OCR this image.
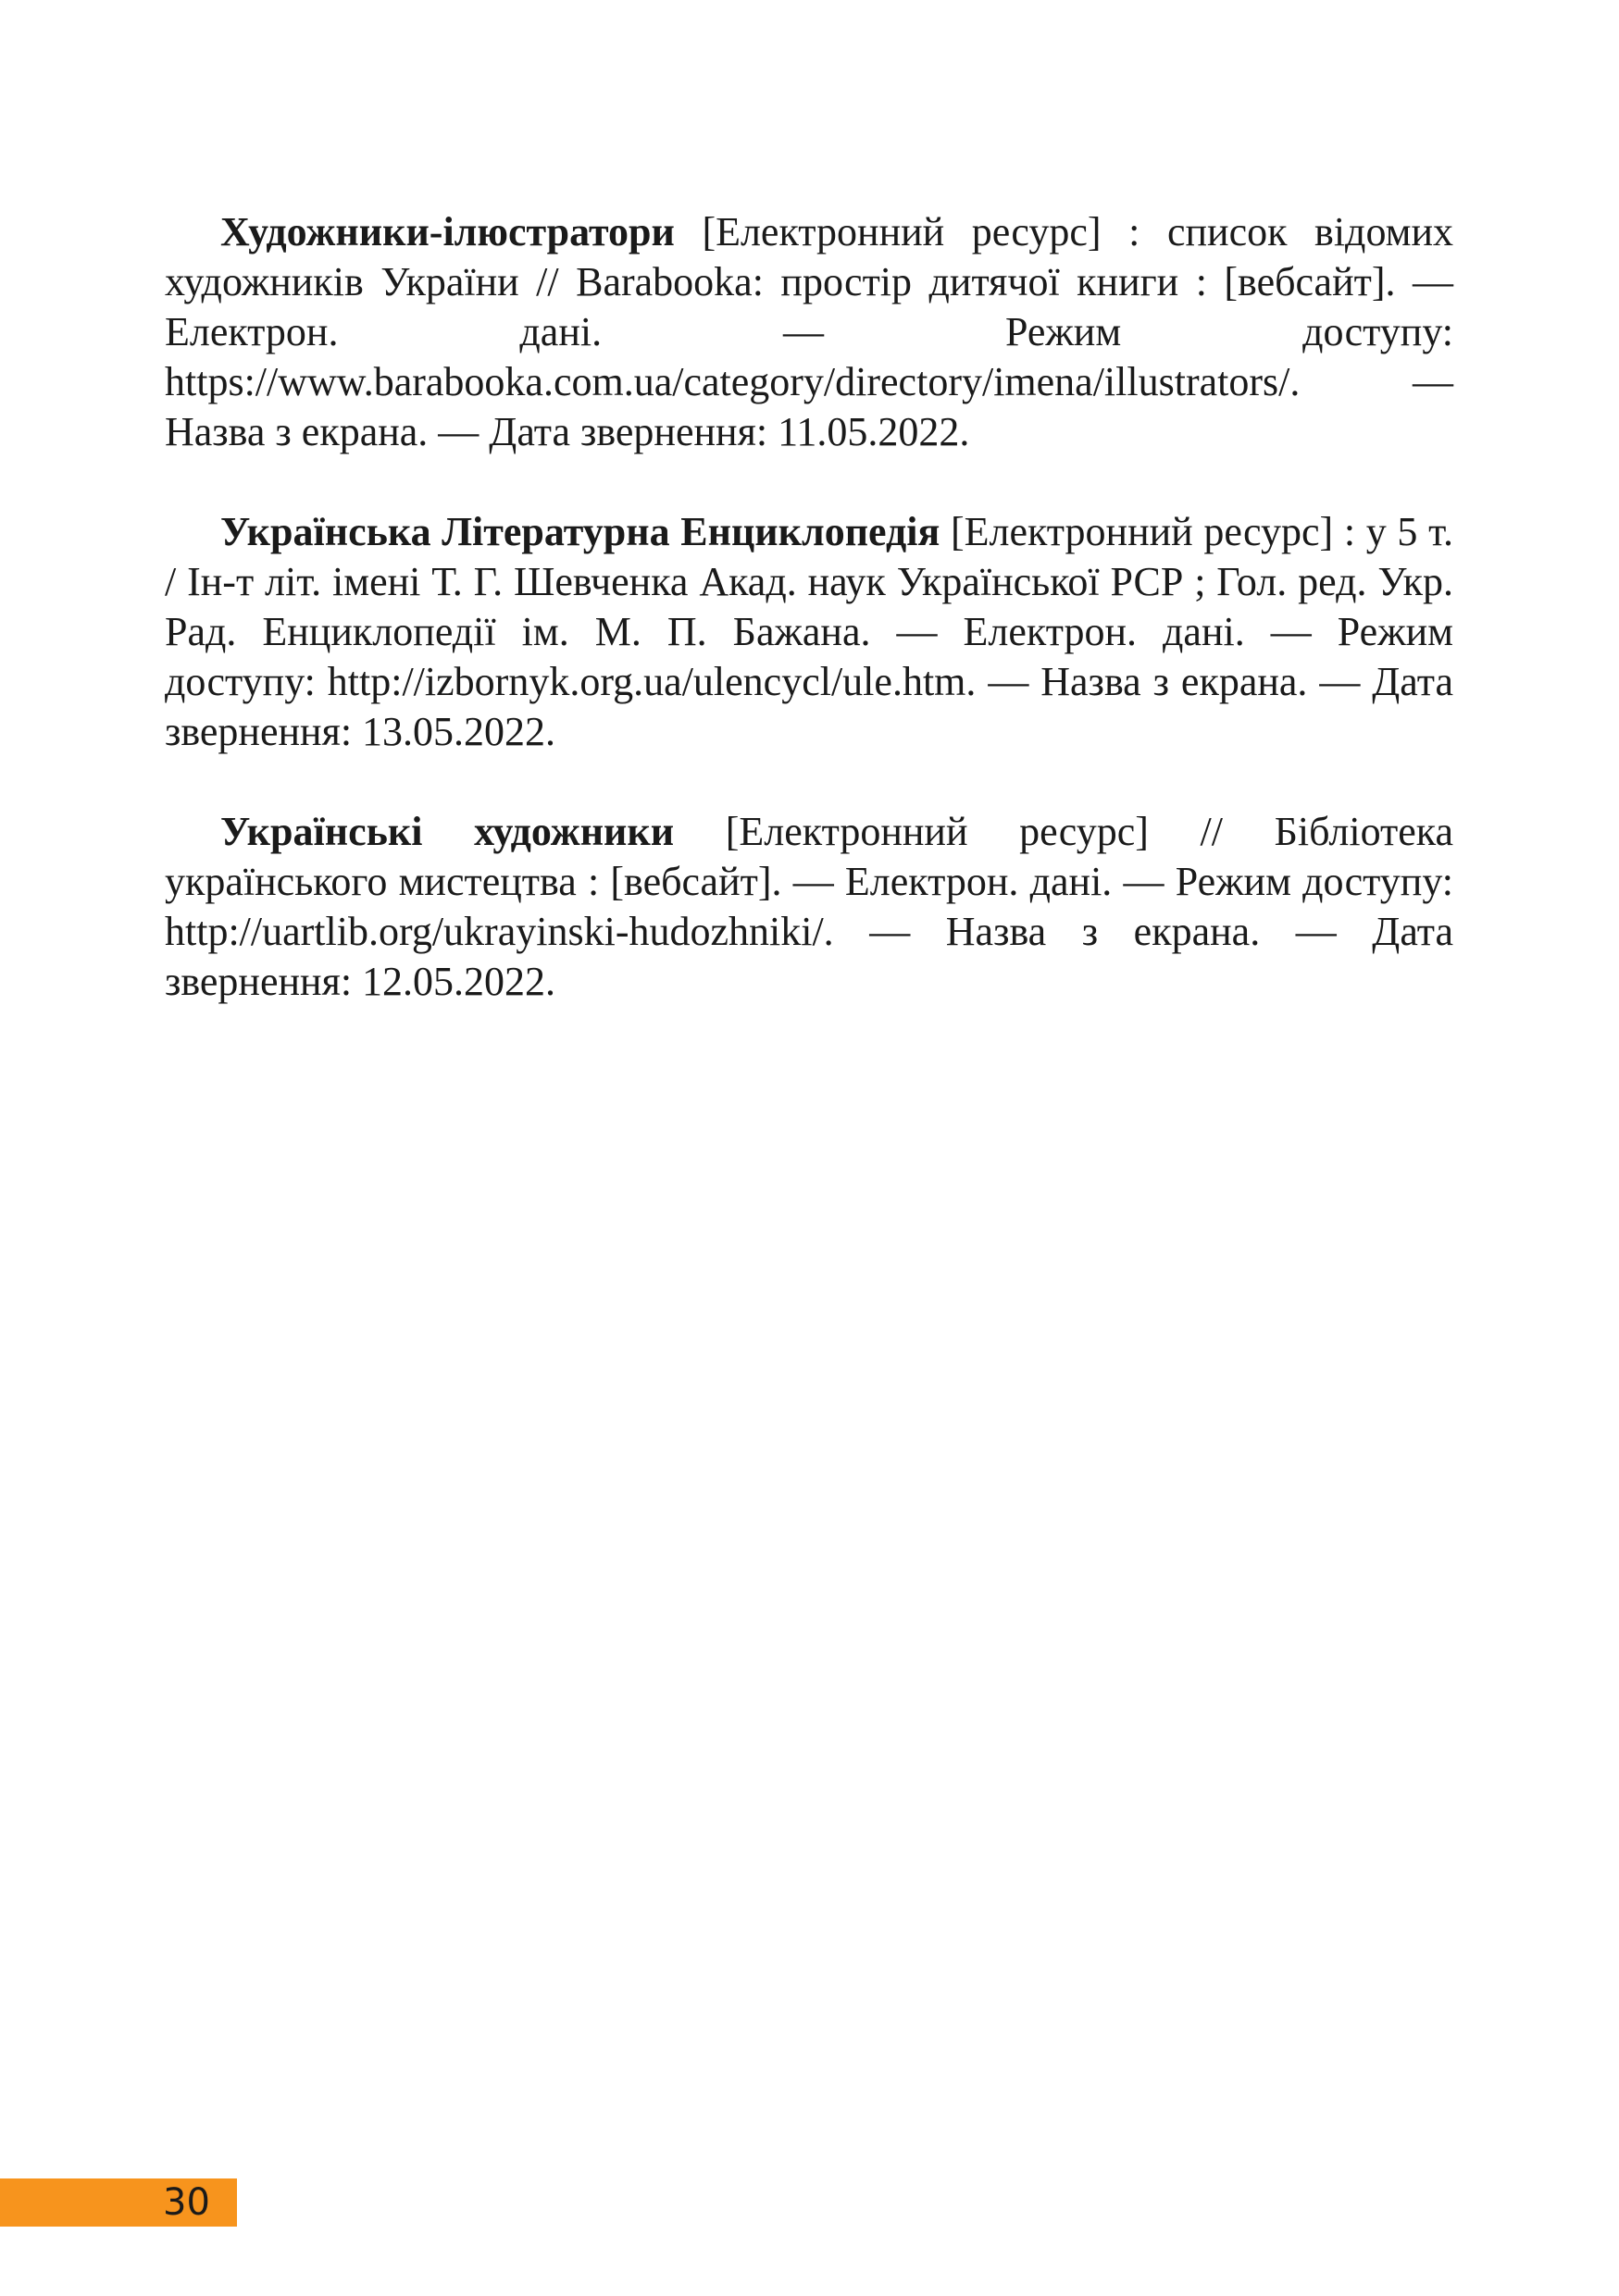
Художники-ілюстратори [Електронний ресурс] : список відомих художників України // Barabooka: простір дитячої книги : [вебсайт]. — Електрон. дані. — Режим доступу: https://www.barabooka.com.ua/category/directory/imena/illustrators/. — Назва з екрана. — Дата звернення: 11.05.2022.

Українська Літературна Енциклопедія [Електронний ресурс] : у 5 т. / Ін-т літ. імені Т. Г. Шевченка Акад. наук Української РСР ; Гол. ред. Укр. Рад. Енциклопедії ім. М. П. Бажана. — Електрон. дані. — Режим доступу: http://izbornyk.org.ua/ulencycl/ule.htm. — Назва з екрана. — Дата звернення: 13.05.2022.

Українські художники [Електронний ресурс] // Бібліотека українського мистецтва : [вебсайт]. — Електрон. дані. — Режим доступу: http://uartlib.org/ukrayinski-hudozhniki/. — Назва з екрана. — Дата звернення: 12.05.2022.

30
